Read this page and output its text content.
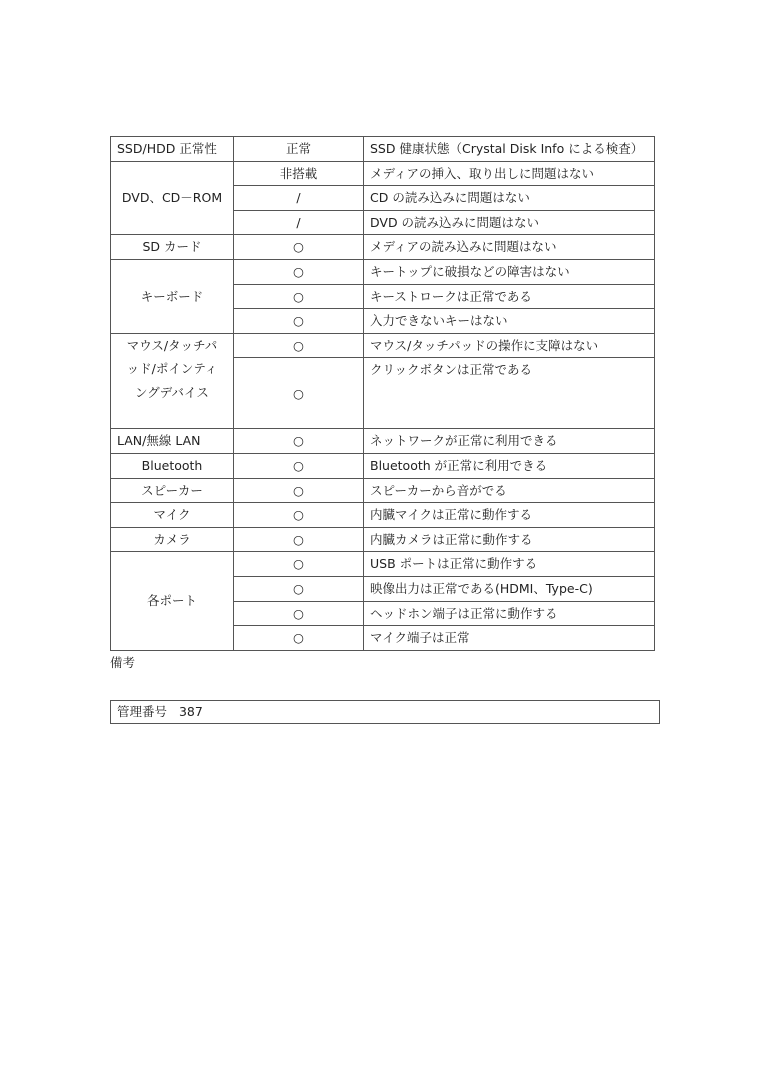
SSD/HDD 正常性	正常	SSD 健康状態（Crystal Disk Info による検査）
DVD、CD－ROM	非搭載	メディアの挿入、取り出しに問題はない
	/	CD の読み込みに問題はない
	/	DVD の読み込みに問題はない
SD カード	○	メディアの読み込みに問題はない
キーボード	○	キートップに破損などの障害はない
	○	キーストロークは正常である
	○	入力できないキーはない
マウス/タッチパッド/ポインティングデバイス	○	マウス/タッチパッドの操作に支障はない
	○	クリックボタンは正常である
LAN/無線 LAN	○	ネットワークが正常に利用できる
Bluetooth	○	Bluetooth が正常に利用できる
スピーカー	○	スピーカーから音がでる
マイク	○	内臓マイクは正常に動作する
カメラ	○	内臓カメラは正常に動作する
各ポート	○	USB ポートは正常に動作する
	○	映像出力は正常である(HDMI、Type-C)
	○	ヘッドホン端子は正常に動作する
	○	マイク端子は正常
備考
管理番号 387
